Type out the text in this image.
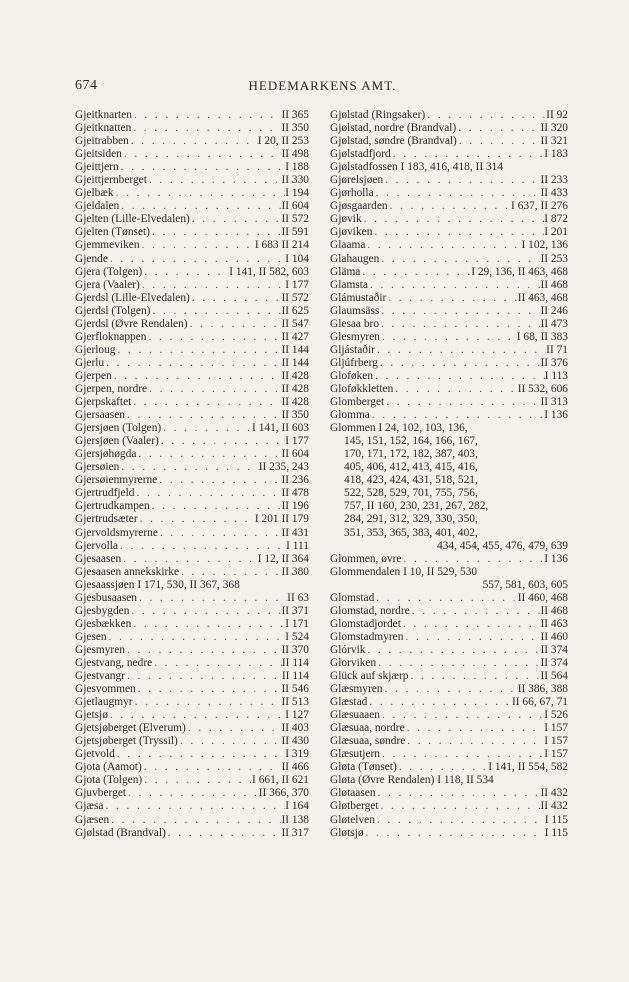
674	HEDEMARKENS AMT.
Gjeitknarten . . .	II 365
Gjeitknatten . . .	II 350
Gjeitrabben . . .	I 20, II 253
Gjeitsiden . . .	II 498
Gjeittjern . . .	I 188
Gjeittjernberget . . .	II 330
Gjelbæk . . .	I 194
Gjeldalen . . .	II 604
Gjelten (Lille-Elvedalen) . . .	II 572
Gjelten (Tønset) . . .	II 591
Gjemmeviken . . .	I 683 II 214
Gjende . . .	I 104
Gjera (Tolgen) . . .	I 141, II 582, 603
Gjera (Vaaler) . . .	I 177
Gjerdsl (Lille-Elvedalen) . . .	II 572
Gjerdsl (Tolgen) . . .	II 625
Gjerdsl (Øvre Rendalen) . . .	II 547
Gjerfloknappen . . .	II 427
Gjerloug . . .	II 144
Gjerlu . . .	II 144
Gjerpen . . .	II 428
Gjerpen, nordre . . .	II 428
Gjerpskaftet . . .	II 428
Gjersaasen . . .	II 350
Gjersjøen (Tolgen) . . .	I 141, II 603
Gjersjøen (Vaaler) . . .	I 177
Gjersjøhøgda . . .	II 604
Gjersøien . . .	II 235, 243
Gjersøienmyrerne . . .	II 236
Gjertrudfjeld . . .	II 478
Gjertrudkampen . . .	II 196
Gjertrudsæter . . .	I 201 II 179
Gjervoldsmyrerne . . .	II 431
Gjervolla . . .	I 111
Gjesaasen . . .	I 12, II 364
Gjesaasen annekskirke . . .	II 380
Gjesaassjøen I 171, 530, II 367, 368
Gjesbusaasen . . .	II 63
Gjesbygden . . .	II 371
Gjesbækken . . .	I 171
Gjesen . . .	I 524
Gjesmyren . . .	II 370
Gjestvang, nedre . . .	II 114
Gjestvangr . . .	II 114
Gjesvommen . . .	II 546
Gjetlaugmyr . . .	II 513
Gjetsjø . . .	I 127
Gjetsjøberget (Elverum) . . .	II 403
Gjetsjøberget (Tryssil) . . .	II 430
Gjetvold . . .	I 319
Gjota (Aamot) . . .	II 466
Gjota (Tolgen) . . .	I 661, II 621
Gjuvberget . . .	II 366, 370
Gjæsa . . .	I 164
Gjæsen . . .	II 138
Gjølstad (Brandval) . . .	II 317
Gjølstad (Ringsaker) . . .	II 92
Gjølstad, nordre (Brandval) . . .	II 320
Gjølstad, søndre (Brandval) . . .	II 321
Gjølstadfjord . . .	I 183
Gjølstadfossen I 183, 416, 418, II 314
Gjørelsjøen . . .	II 233
Gjørholla . . .	II 433
Gjøsgaarden . . .	I 637, II 276
Gjøvik . . .	I 872
Gjøviken . . .	I 201
Glaama . . .	I 102, 136
Glahaugen . . .	II 253
Gläma . . .	I 29, 136, II 463, 468
Glamsta . . .	II 468
Glámustaðir . . .	II 463, 468
Glaumsäss . . .	II 246
Glesaa bro . . .	II 473
Glesmyren . . .	I 68, II 383
Gljástaðir . . .	II 71
Gljúfrberg . . .	II 376
Gloføken . . .	I 113
Gloføkkletten . . .	II 532, 606
Glomberget . . .	II 313
Glomma . . .	I 136
Glommen I 24, 102, 103, 136,
145, 151, 152, 164, 166, 167,
170, 171, 172, 182, 387, 403,
405, 406, 412, 413, 415, 416,
418, 423, 424, 431, 518, 521,
522, 528, 529, 701, 755, 756,
757, II 160, 230, 231, 267, 282,
284, 291, 312, 329, 330, 350,
351, 353, 365, 383, 401, 402,
434, 454, 455, 476, 479, 639
Glommen, øvre . . .	I 136
Glommendalen I 10, II 529, 530
557, 581, 603, 605
Glomstad . . .	II 460, 468
Glomstad, nordre . . .	II 468
Glomstadjordet . . .	II 463
Glomstadmyren . . .	II 460
Glórvik . . .	II 374
Glorviken . . .	II 374
Glück auf skjærp . . .	II 564
Glæsmyren . . .	II 386, 388
Glæstad . . .	II 66, 67, 71
Glæsuaaen . . .	I 526
Glæsuaa, nordre . . .	I 157
Glæsuaa, søndre . . .	I 157
Glæsutjern . . .	I 157
Gløta (Tønset) . . .	I 141, II 554, 582
Gløta (Øvre Rendalen) I 118, II 534
Gløtaasen . . .	II 432
Gløtberget . . .	II 432
Gløtelven . . .	I 115
Gløtsjø . . .	I 115
